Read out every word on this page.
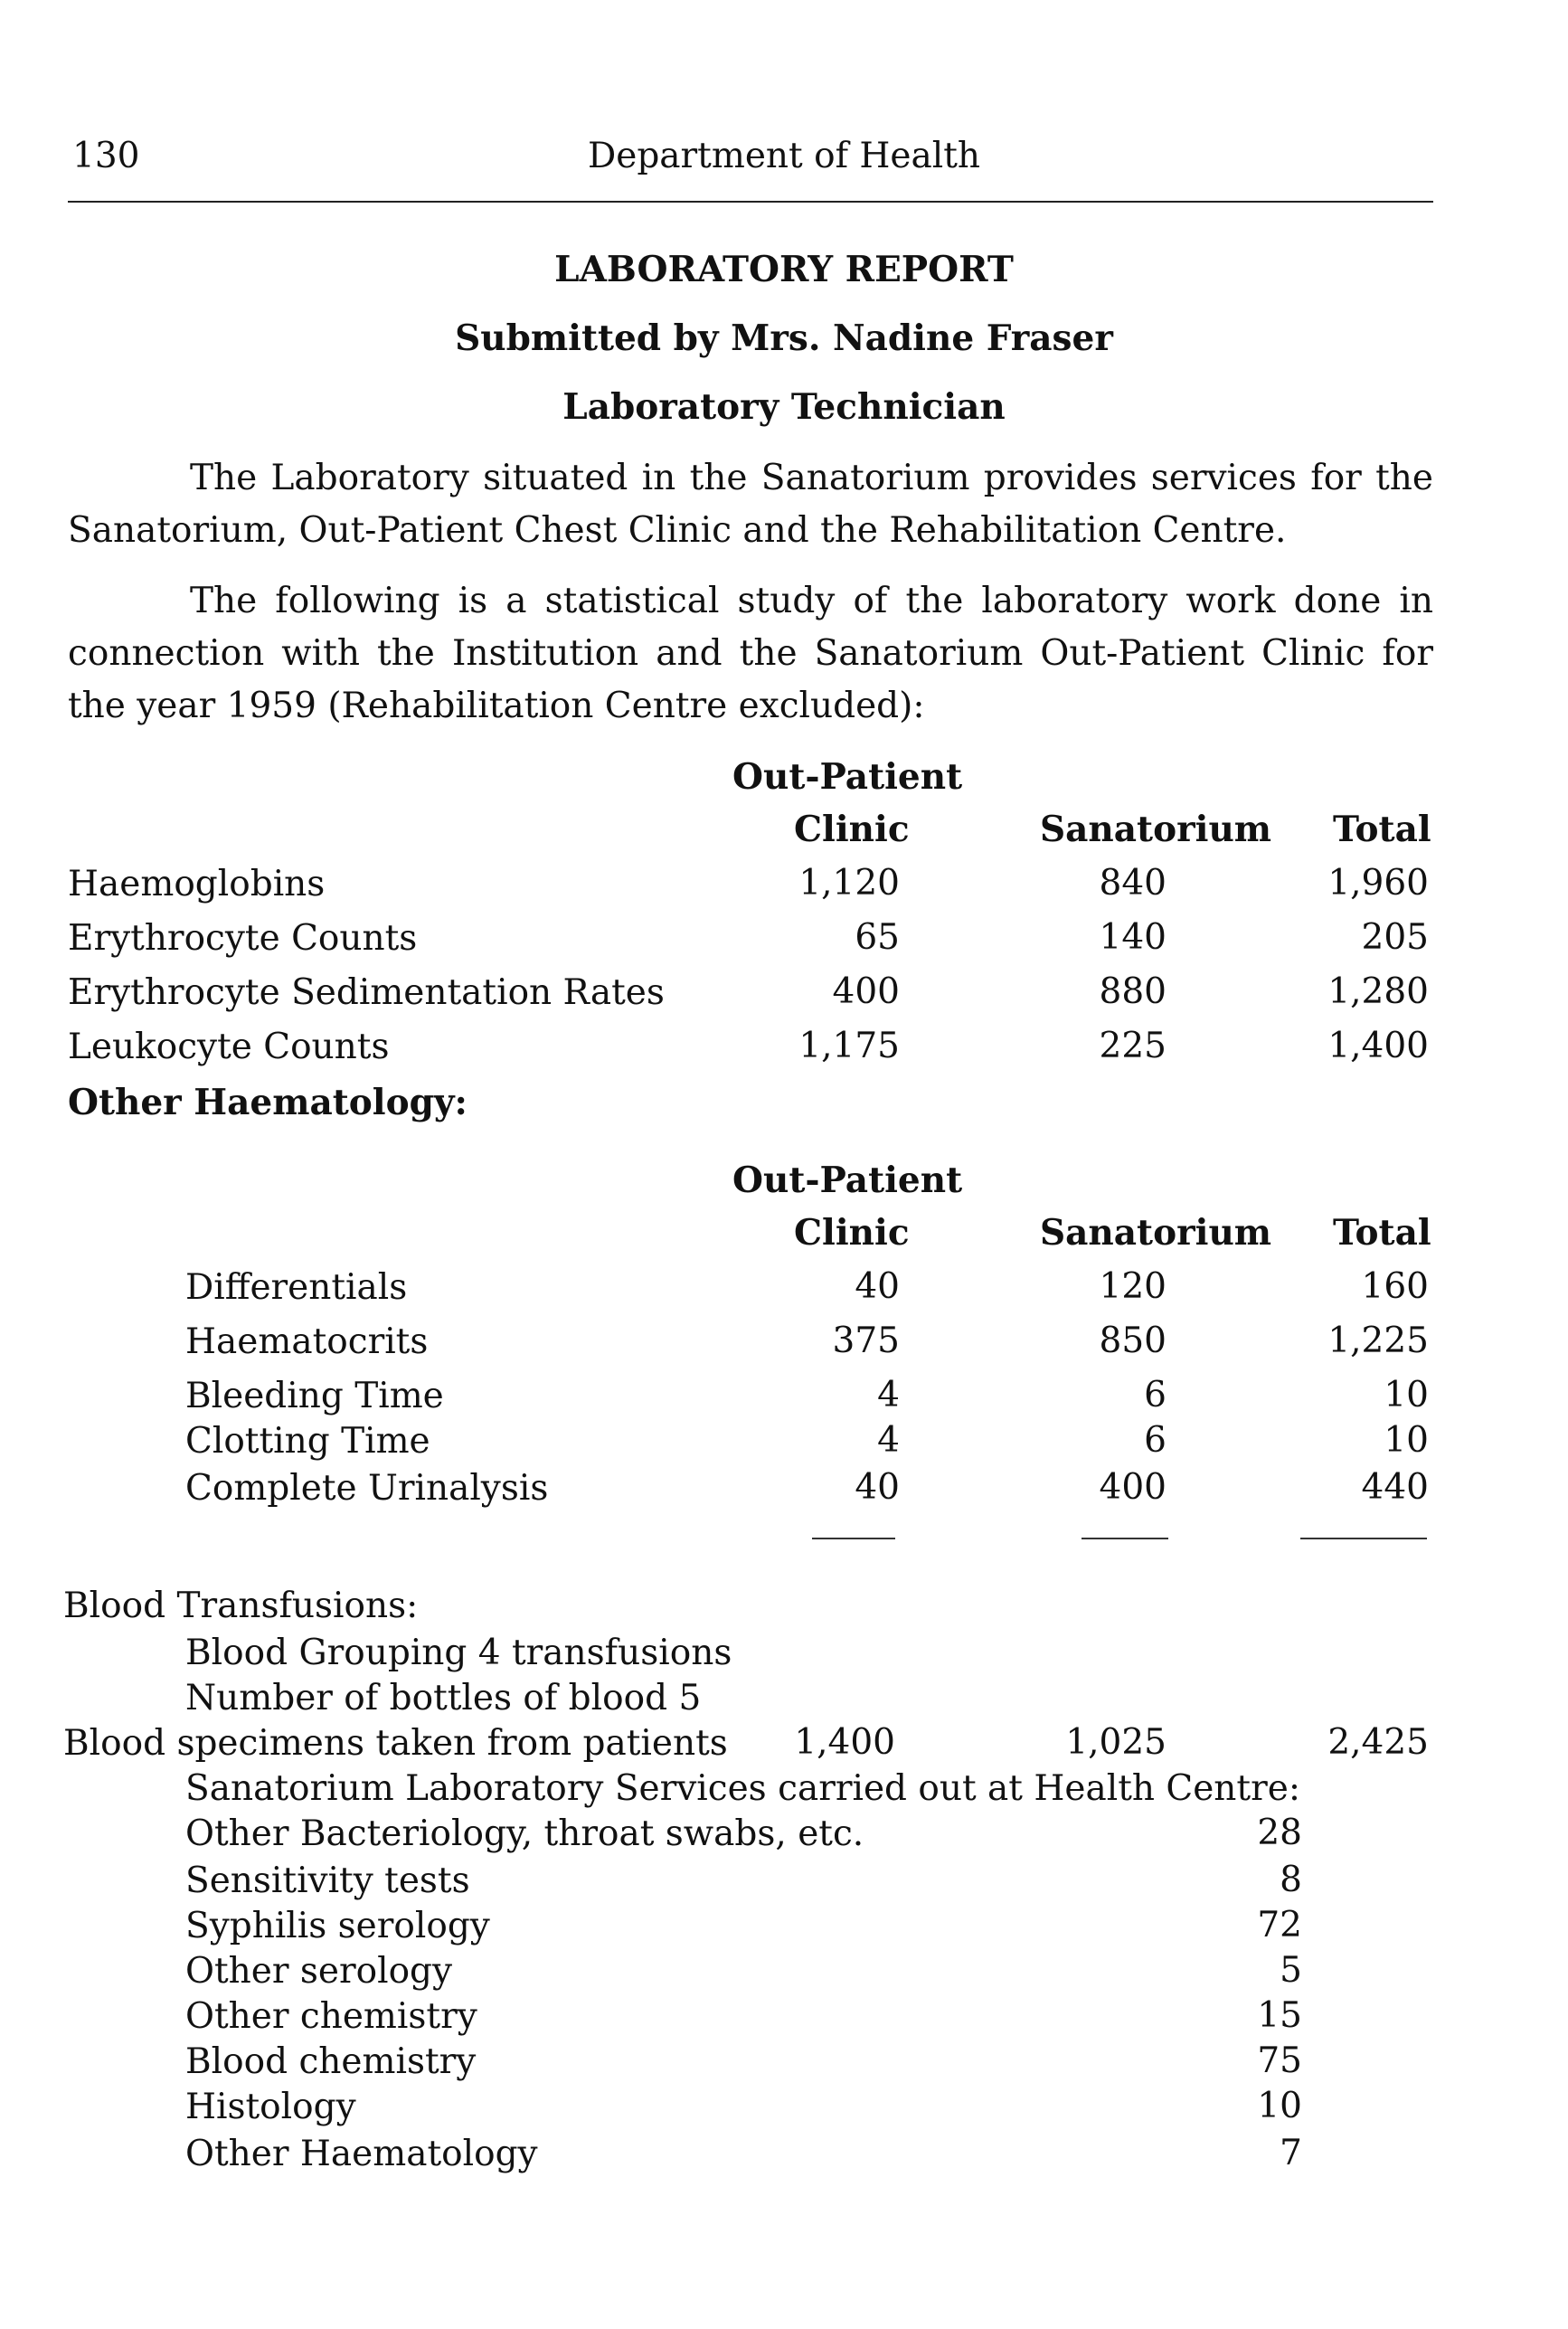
130	Department of Health
LABORATORY REPORT
Submitted by Mrs. Nadine Fraser
Laboratory Technician
The Laboratory situated in the Sanatorium provides services for the Sanatorium, Out-Patient Chest Clinic and the Rehabilitation Centre.
The following is a statistical study of the laboratory work done in connection with the Institution and the Sanatorium Out-Patient Clinic for the year 1959 (Rehabilitation Centre excluded):
Out-Patient
Clinic	Sanatorium Total
Haemoglobins	1,120	840	1,960
Erythrocyte Counts	65	140	205
Erythrocyte Sedimentation Rates	400	880	1,280
Leukocyte Counts	1,175	225	1,400
Other Haematology:
Out-Patient
Clinic	Sanatorium Total
Differentials	40	120	160
Haematocrits	375	850	1,225
Bleeding Time	4	6	10
Clotting Time	4	6	10
Complete Urinalysis	40	400	440
Blood Transfusions:
Blood Grouping 4 transfusions
Number of bottles of blood 5
Blood specimens taken from patients	1,400	1,025	2,425
Sanatorium Laboratory Services carried out at Health Centre:
Other Bacteriology, throat swabs, etc.	28
Sensitivity tests	8
Syphilis serology	72
Other serology	5
Other chemistry	15
Blood chemistry	75
Histology	10
Other Haematology	7
